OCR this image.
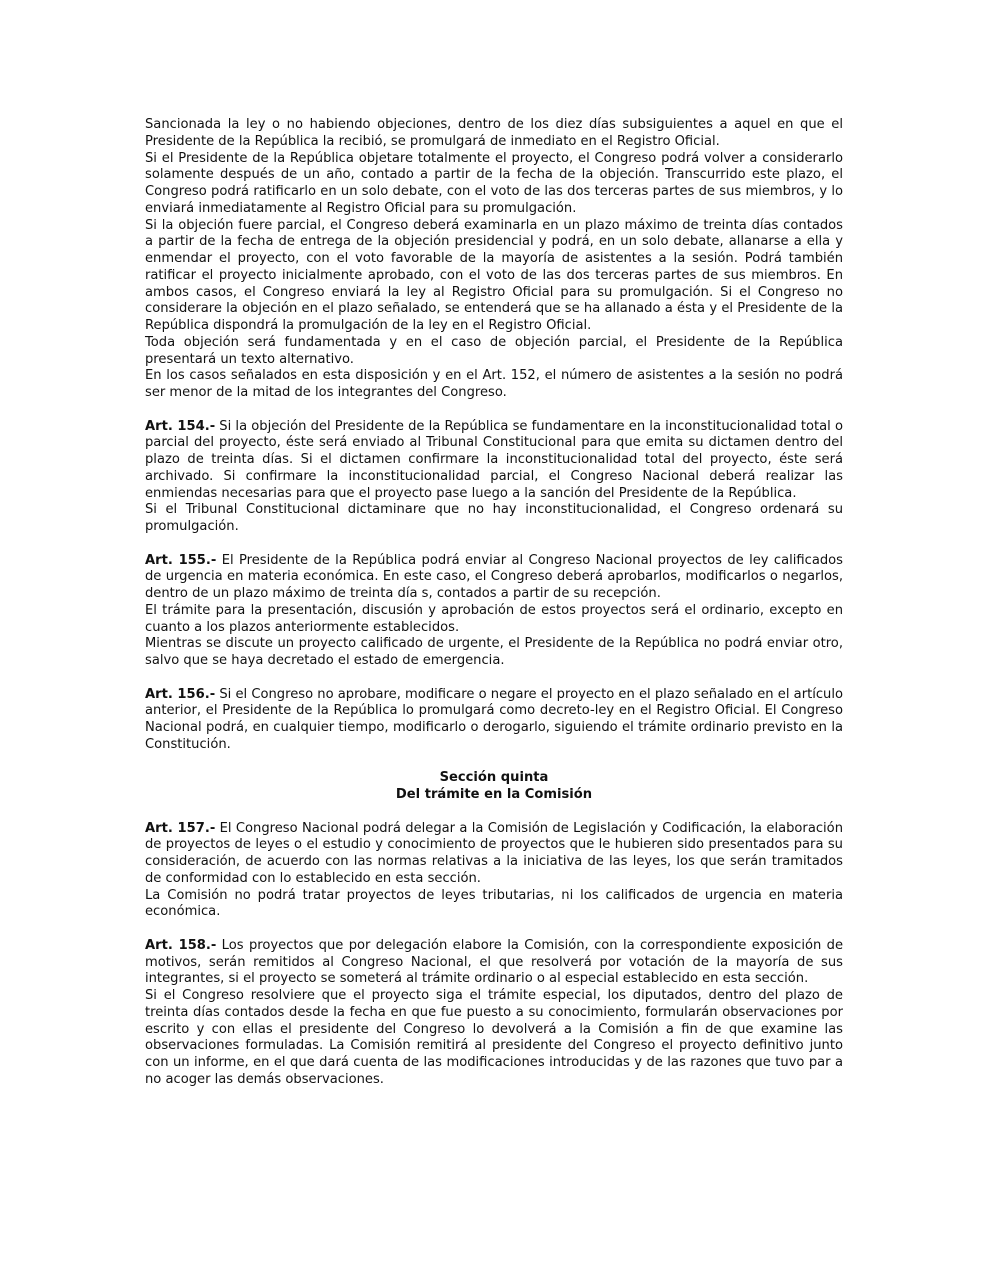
Sancionada la ley o no habiendo objeciones, dentro de los diez días subsiguientes a aquel en que el Presidente de la República la recibió, se promulgará de inmediato en el Registro Oficial.

Si el Presidente de la República objetare totalmente el proyecto, el Congreso podrá volver a considerarlo solamente después de un año, contado a partir de la fecha de la objeción. Transcurrido este plazo, el Congreso podrá ratificarlo en un solo debate, con el voto de las dos terceras partes de sus miembros, y lo enviará inmediatamente al Registro Oficial para su promulgación.

Si la objeción fuere parcial, el Congreso deberá examinarla en un plazo máximo de treinta días contados a partir de la fecha de entrega de la objeción presidencial y podrá, en un solo debate, allanarse a ella y enmendar el proyecto, con el voto favorable de la mayoría de asistentes a la sesión. Podrá también ratificar el proyecto inicialmente aprobado, con el voto de las dos terceras partes de sus miembros. En ambos casos, el Congreso enviará la ley al Registro Oficial para su promulgación. Si el Congreso no considerare la objeción en el plazo señalado, se entenderá que se ha allanado a ésta y el Presidente de la República dispondrá la promulgación de la ley en el Registro Oficial.

Toda objeción será fundamentada y en el caso de objeción parcial, el Presidente de la República presentará un texto alternativo.

En los casos señalados en esta disposición y en el Art. 152, el número de asistentes a la sesión no podrá ser menor de la mitad de los integrantes del Congreso.

Art. 154.- Si la objeción del Presidente de la República se fundamentare en la inconstitucionalidad total o parcial del proyecto, éste será enviado al Tribunal Constitucional para que emita su dictamen dentro del plazo de treinta días. Si el dictamen confirmare la inconstitucionalidad total del proyecto, éste será archivado. Si confirmare la inconstitucionalidad parcial, el Congreso Nacional deberá realizar las enmiendas necesarias para que el proyecto pase luego a la sanción del Presidente de la República.

Si el Tribunal Constitucional dictaminare que no hay inconstitucionalidad, el Congreso ordenará su promulgación.

Art. 155.- El Presidente de la República podrá enviar al Congreso Nacional proyectos de ley calificados de urgencia en materia económica. En este caso, el Congreso deberá aprobarlos, modificarlos o negarlos, dentro de un plazo máximo de treinta día s, contados a partir de su recepción.

El trámite para la presentación, discusión y aprobación de estos proyectos será el ordinario, excepto en cuanto a los plazos anteriormente establecidos.

Mientras se discute un proyecto calificado de urgente, el Presidente de la República no podrá enviar otro, salvo que se haya decretado el estado de emergencia.

Art. 156.- Si el Congreso no aprobare, modificare o negare el proyecto en el plazo señalado en el artículo anterior, el Presidente de la República lo promulgará como decreto-ley en el Registro Oficial. El Congreso Nacional podrá, en cualquier tiempo, modificarlo o derogarlo, siguiendo el trámite ordinario previsto en la Constitución.

Sección quinta
Del trámite en la Comisión

Art. 157.- El Congreso Nacional podrá delegar a la Comisión de Legislación y Codificación, la elaboración de proyectos de leyes o el estudio y conocimiento de proyectos que le hubieren sido presentados para su consideración, de acuerdo con las normas relativas a la iniciativa de las leyes, los que serán tramitados de conformidad con lo establecido en esta sección.

La Comisión no podrá tratar proyectos de leyes tributarias, ni los calificados de urgencia en materia económica.

Art. 158.- Los proyectos que por delegación elabore la Comisión, con la correspondiente exposición de motivos, serán remitidos al Congreso Nacional, el que resolverá por votación de la mayoría de sus integrantes, si el proyecto se someterá al trámite ordinario o al especial establecido en esta sección.

Si el Congreso resolviere que el proyecto siga el trámite especial, los diputados, dentro del plazo de treinta días contados desde la fecha en que fue puesto a su conocimiento, formularán observaciones por escrito y con ellas el presidente del Congreso lo devolverá a la Comisión a fin de que examine las observaciones formuladas. La Comisión remitirá al presidente del Congreso el proyecto definitivo junto con un informe, en el que dará cuenta de las modificaciones introducidas y de las razones que tuvo par a no acoger las demás observaciones.
